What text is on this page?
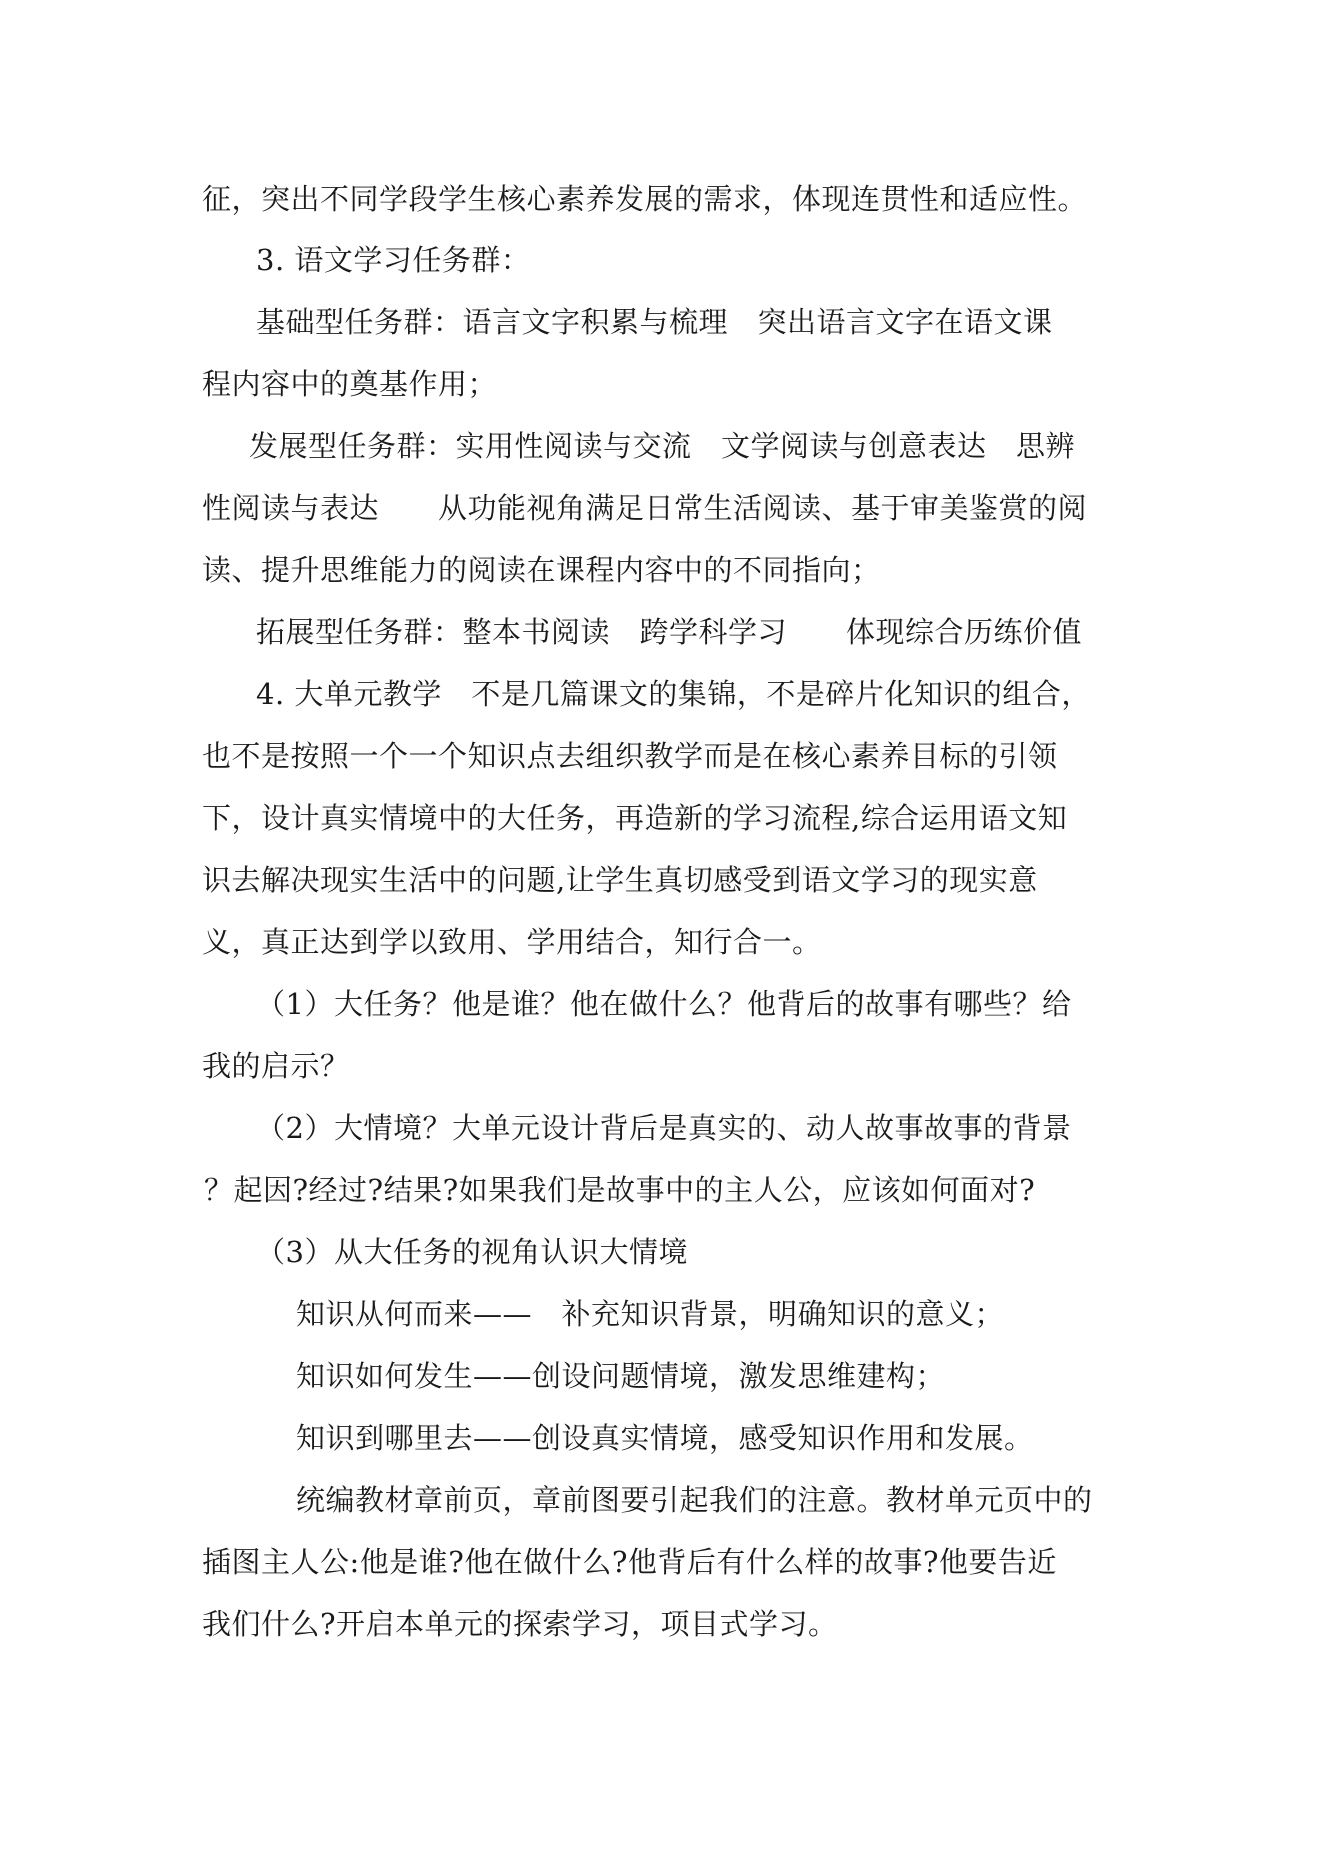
征，突出不同学段学生核心素养发展的需求，体现连贯性和适应性。
3. 语文学习任务群：
基础型任务群：语言文字积累与梳理　突出语言文字在语文课
程内容中的奠基作用；
发展型任务群：实用性阅读与交流　文学阅读与创意表达　思辨
性阅读与表达　　从功能视角满足日常生活阅读、基于审美鉴赏的阅
读、提升思维能力的阅读在课程内容中的不同指向；
拓展型任务群：整本书阅读　跨学科学习　　体现综合历练价值
4. 大单元教学　不是几篇课文的集锦，不是碎片化知识的组合，
也不是按照一个一个知识点去组织教学而是在核心素养目标的引领
下，设计真实情境中的大任务，再造新的学习流程,综合运用语文知
识去解决现实生活中的问题,让学生真切感受到语文学习的现实意
义，真正达到学以致用、学用结合，知行合一。
（1）大任务？他是谁？他在做什么？他背后的故事有哪些？给
我的启示？
（2）大情境？大单元设计背后是真实的、动人故事故事的背景
？起因?经过?结果?如果我们是故事中的主人公，应该如何面对?
（3）从大任务的视角认识大情境
知识从何而来——　补充知识背景，明确知识的意义；
知识如何发生——创设问题情境，激发思维建构；
知识到哪里去——创设真实情境，感受知识作用和发展。
统编教材章前页，章前图要引起我们的注意。教材单元页中的
插图主人公:他是谁?他在做什么?他背后有什么样的故事?他要告近
我们什么?开启本单元的探索学习，项目式学习。
